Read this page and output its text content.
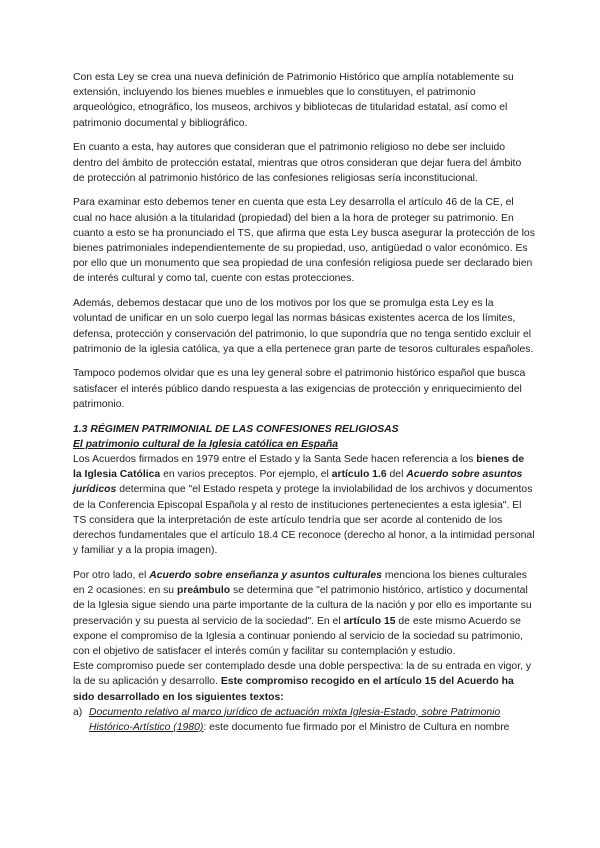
Con esta Ley se crea una nueva definición de Patrimonio Histórico que amplía notablemente su extensión, incluyendo los bienes muebles e inmuebles que lo constituyen, el patrimonio arqueológico, etnográfico, los museos, archivos y bibliotecas de titularidad estatal, así como el patrimonio documental y bibliográfico.

En cuanto a esta, hay autores que consideran que el patrimonio religioso no debe ser incluido dentro del ámbito de protección estatal, mientras que otros consideran que dejar fuera del ámbito de protección al patrimonio histórico de las confesiones religiosas sería inconstitucional.

Para examinar esto debemos tener en cuenta que esta Ley desarrolla el artículo 46 de la CE, el cual no hace alusión a la titularidad (propiedad) del bien a la hora de proteger su patrimonio. En cuanto a esto se ha pronunciado el TS, que afirma que esta Ley busca asegurar la protección de los bienes patrimoniales independientemente de su propiedad, uso, antigüedad o valor económico. Es por ello que un monumento que sea propiedad de una confesión religiosa puede ser declarado bien de interés cultural y como tal, cuente con estas protecciones.

Además, debemos destacar que uno de los motivos por los que se promulga esta Ley es la voluntad de unificar en un solo cuerpo legal las normas básicas existentes acerca de los límites, defensa, protección y conservación del patrimonio, lo que supondría que no tenga sentido excluir el patrimonio de la iglesia católica, ya que a ella pertenece gran parte de tesoros culturales españoles.

Tampoco podemos olvidar que es una ley general sobre el patrimonio histórico español que busca satisfacer el interés público dando respuesta a las exigencias de protección y enriquecimiento del patrimonio.

1.3 RÉGIMEN PATRIMONIAL DE LAS CONFESIONES RELIGIOSAS

El patrimonio cultural de la Iglesia católica en España

Los Acuerdos firmados en 1979 entre el Estado y la Santa Sede hacen referencia a los bienes de la Iglesia Católica en varios preceptos. Por ejemplo, el artículo 1.6 del Acuerdo sobre asuntos jurídicos determina que "el Estado respeta y protege la inviolabilidad de los archivos y documentos de la Conferencia Episcopal Española y al resto de instituciones pertenecientes a esta iglesia". El TS considera que la interpretación de este artículo tendría que ser acorde al contenido de los derechos fundamentales que el artículo 18.4 CE reconoce (derecho al honor, a la intimidad personal y familiar y a la propia imagen).

Por otro lado, el Acuerdo sobre enseñanza y asuntos culturales menciona los bienes culturales en 2 ocasiones: en su preámbulo se determina que "el patrimonio histórico, artístico y documental de la Iglesia sigue siendo una parte importante de la cultura de la nación y por ello es importante su preservación y su puesta al servicio de la sociedad". En el artículo 15 de este mismo Acuerdo se expone el compromiso de la Iglesia a continuar poniendo al servicio de la sociedad su patrimonio, con el objetivo de satisfacer el interés común y facilitar su contemplación y estudio.

Este compromiso puede ser contemplado desde una doble perspectiva: la de su entrada en vigor, y la de su aplicación y desarrollo. Este compromiso recogido en el artículo 15 del Acuerdo ha sido desarrollado en los siguientes textos:

a) Documento relativo al marco jurídico de actuación mixta Iglesia-Estado, sobre Patrimonio Histórico-Artístico (1980): este documento fue firmado por el Ministro de Cultura en nombre
